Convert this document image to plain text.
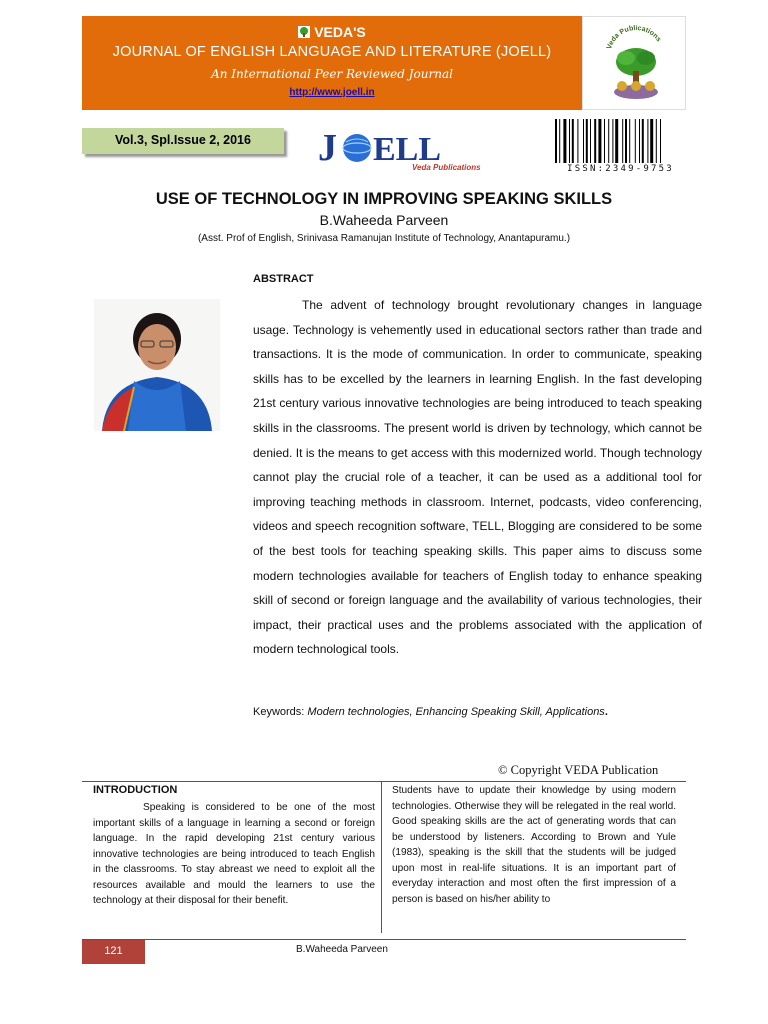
VEDA'S
JOURNAL OF ENGLISH LANGUAGE AND LITERATURE (JOELL)
An International Peer Reviewed Journal
http://www.joell.in
Veda Publications
Vol.3, Spl.Issue 2, 2016	J ELL
Veda Publications	ISSN:2349-9753
USE OF TECHNOLOGY IN IMPROVING SPEAKING SKILLS
B.Waheeda Parveen
(Asst. Prof of English, Srinivasa Ramanujan Institute of Technology, Anantapuramu.)
ABSTRACT
The advent of technology brought revolutionary changes in language usage. Technology is vehemently used in educational sectors rather than trade and transactions. It is the mode of communication. In order to communicate, speaking skills has to be excelled by the learners in learning English. In the fast developing 21st century various innovative technologies are being introduced to teach speaking skills in the classrooms. The present world is driven by technology, which cannot be denied. It is the means to get access with this modernized world. Though technology cannot play the crucial role of a teacher, it can be used as a additional tool for improving teaching methods in classroom. Internet, podcasts, video conferencing, videos and speech recognition software, TELL, Blogging are considered to be some of the best tools for teaching speaking skills. This paper aims to discuss some modern technologies available for teachers of English today to enhance speaking skill of second or foreign language and the availability of various technologies, their impact, their practical uses and the problems associated with the application of modern technological tools.
Keywords: Modern technologies, Enhancing Speaking Skill, Applications.
© Copyright VEDA Publication
INTRODUCTION
Speaking is considered to be one of the most important skills of a language in learning a second or foreign language. In the rapid developing 21st century various innovative technologies are being introduced to teach English in the classrooms. To stay abreast we need to exploit all the resources available and mould the learners to use the technology at their disposal for their benefit.
Students have to update their knowledge by using modern technologies. Otherwise they will be relegated in the real world. Good speaking skills are the act of generating words that can be understood by listeners. According to Brown and Yule (1983), speaking is the skill that the students will be judged upon most in real-life situations. It is an important part of everyday interaction and most often the first impression of a person is based on his/her ability to
121	B.Waheeda Parveen
